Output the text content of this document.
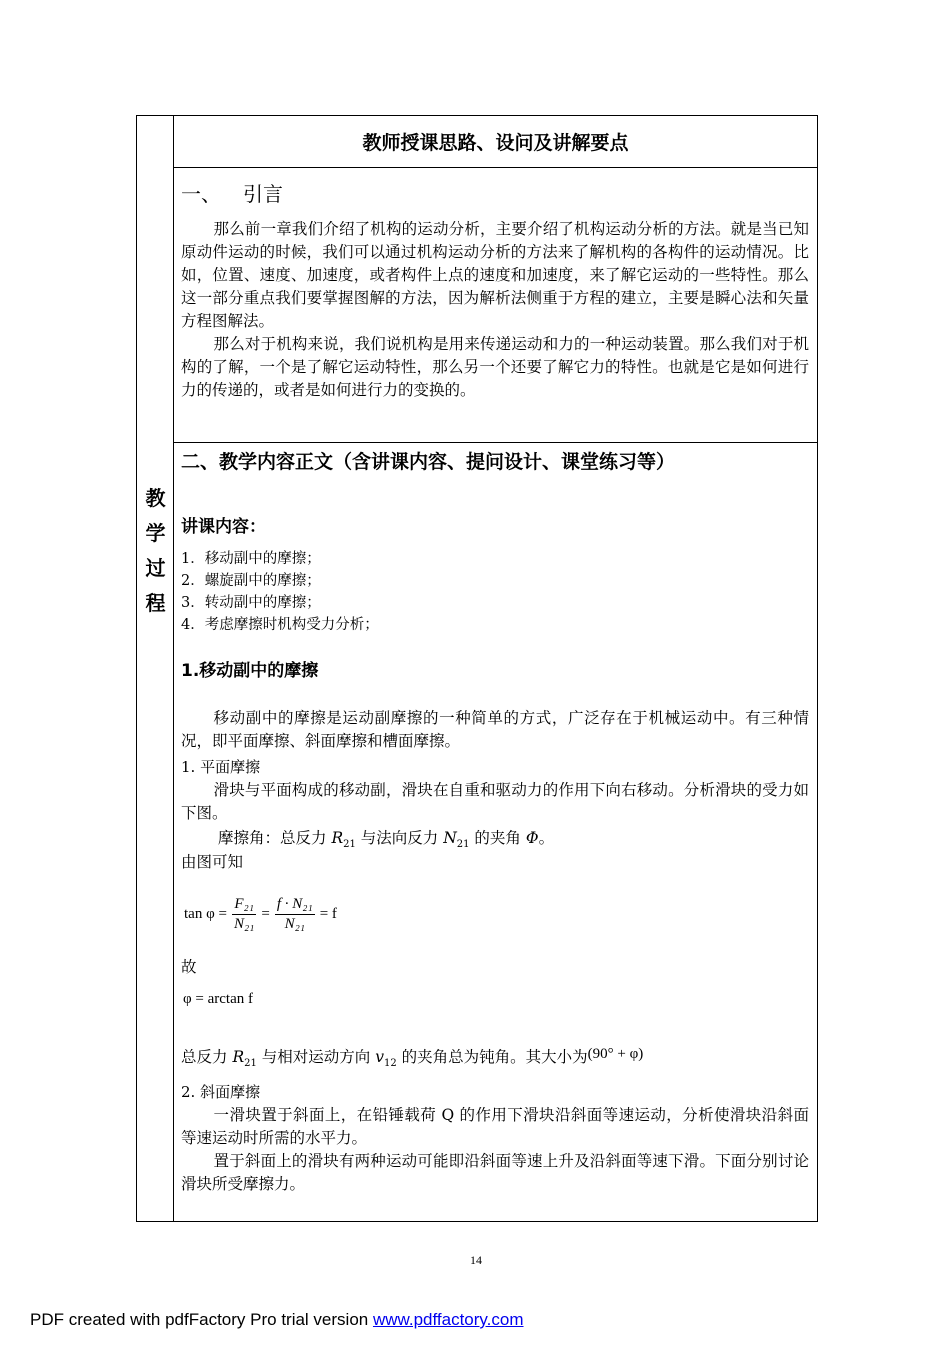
教
学
过
程
教师授课思路、设问及讲解要点
一、 引言

那么前一章我们介绍了机构的运动分析，主要介绍了机构运动分析的方法。就是当已知原动件运动的时候，我们可以通过机构运动分析的方法来了解机构的各构件的运动情况。比如，位置、速度、加速度，或者构件上点的速度和加速度，来了解它运动的一些特性。那么这一部分重点我们要掌握图解的方法，因为解析法侧重于方程的建立，主要是瞬心法和矢量方程图解法。

那么对于机构来说，我们说机构是用来传递运动和力的一种运动装置。那么我们对于机构的了解，一个是了解它运动特性，那么另一个还要了解它力的特性。也就是它是如何进行力的传递的，或者是如何进行力的变换的。

二、教学内容正文（含讲课内容、提问设计、课堂练习等）
讲课内容：
1．移动副中的摩擦；
2．螺旋副中的摩擦；
3．转动副中的摩擦；
4．考虑摩擦时机构受力分析；
1.移动副中的摩擦

移动副中的摩擦是运动副摩擦的一种简单的方式，广泛存在于机械运动中。有三种情况，即平面摩擦、斜面摩擦和槽面摩擦。

1. 平面摩擦

滑块与平面构成的移动副，滑块在自重和驱动力的作用下向右移动。分析滑块的受力如下图。

摩擦角：总反力 $R_{21}$ 与法向反力 $N_{21}$ 的夹角 Φ。
由图可知
$\tan \varphi = \frac{\text{F₂₁}}{\text{N₂₁}} = \frac{\text{f · N₂₁}}{\text{N₂₁}} = f$
故
φ = arctan f
总反力 $R_{21}$ 与相对运动方向 $v_{12}$ 的夹角总为钝角。其大小为(90° + φ)
2. 斜面摩擦

一滑块置于斜面上，在铅锤载荷 Q 的作用下滑块沿斜面等速运动，分析使滑块沿斜面等速运动时所需的水平力。

置于斜面上的滑块有两种运动可能即沿斜面等速上升及沿斜面等速下滑。下面分别讨论滑块所受摩擦力。

14
PDF created with pdfFactory Pro trial version www.pdffactory.com
